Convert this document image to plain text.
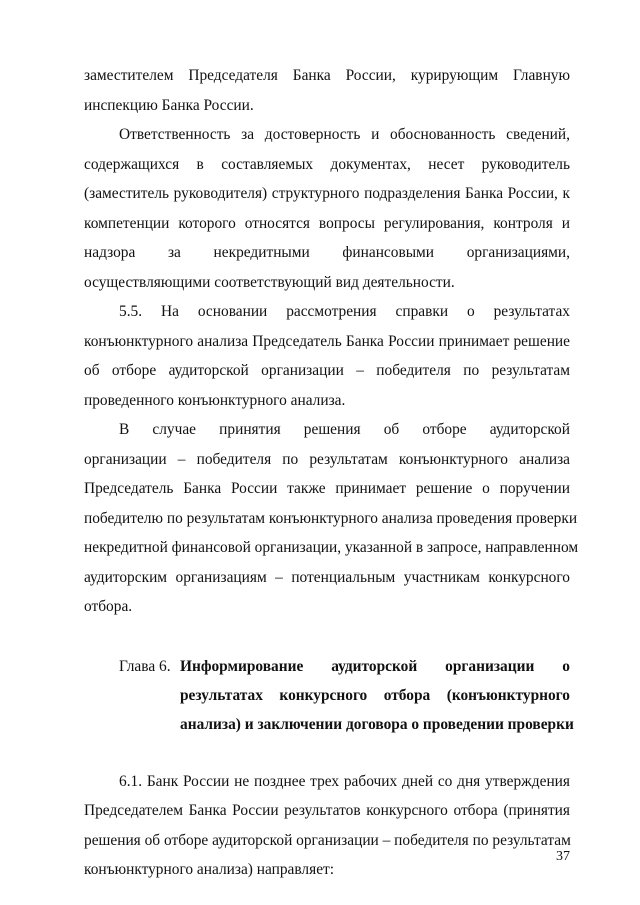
заместителем Председателя Банка России, курирующим Главную
инспекцию Банка России.
Ответственность за достоверность и обоснованность сведений,
содержащихся в составляемых документах, несет руководитель
(заместитель руководителя) структурного подразделения Банка России, к
компетенции которого относятся вопросы регулирования, контроля и
надзора за некредитными финансовыми организациями,
осуществляющими соответствующий вид деятельности.
5.5. На основании рассмотрения справки о результатах
конъюнктурного анализа Председатель Банка России принимает решение
об отборе аудиторской организации – победителя по результатам
проведенного конъюнктурного анализа.
В случае принятия решения об отборе аудиторской
организации – победителя по результатам конъюнктурного анализа
Председатель Банка России также принимает решение о поручении
победителю по результатам конъюнктурного анализа проведения проверки
некредитной финансовой организации, указанной в запросе, направленном
аудиторским организациям – потенциальным участникам конкурсного
отбора.
Глава 6. Информирование аудиторской организации о
результатах конкурсного отбора (конъюнктурного
анализа) и заключении договора о проведении проверки
6.1. Банк России не позднее трех рабочих дней со дня утверждения
Председателем Банка России результатов конкурсного отбора (принятия
решения об отборе аудиторской организации – победителя по результатам
конъюнктурного анализа) направляет:
37
